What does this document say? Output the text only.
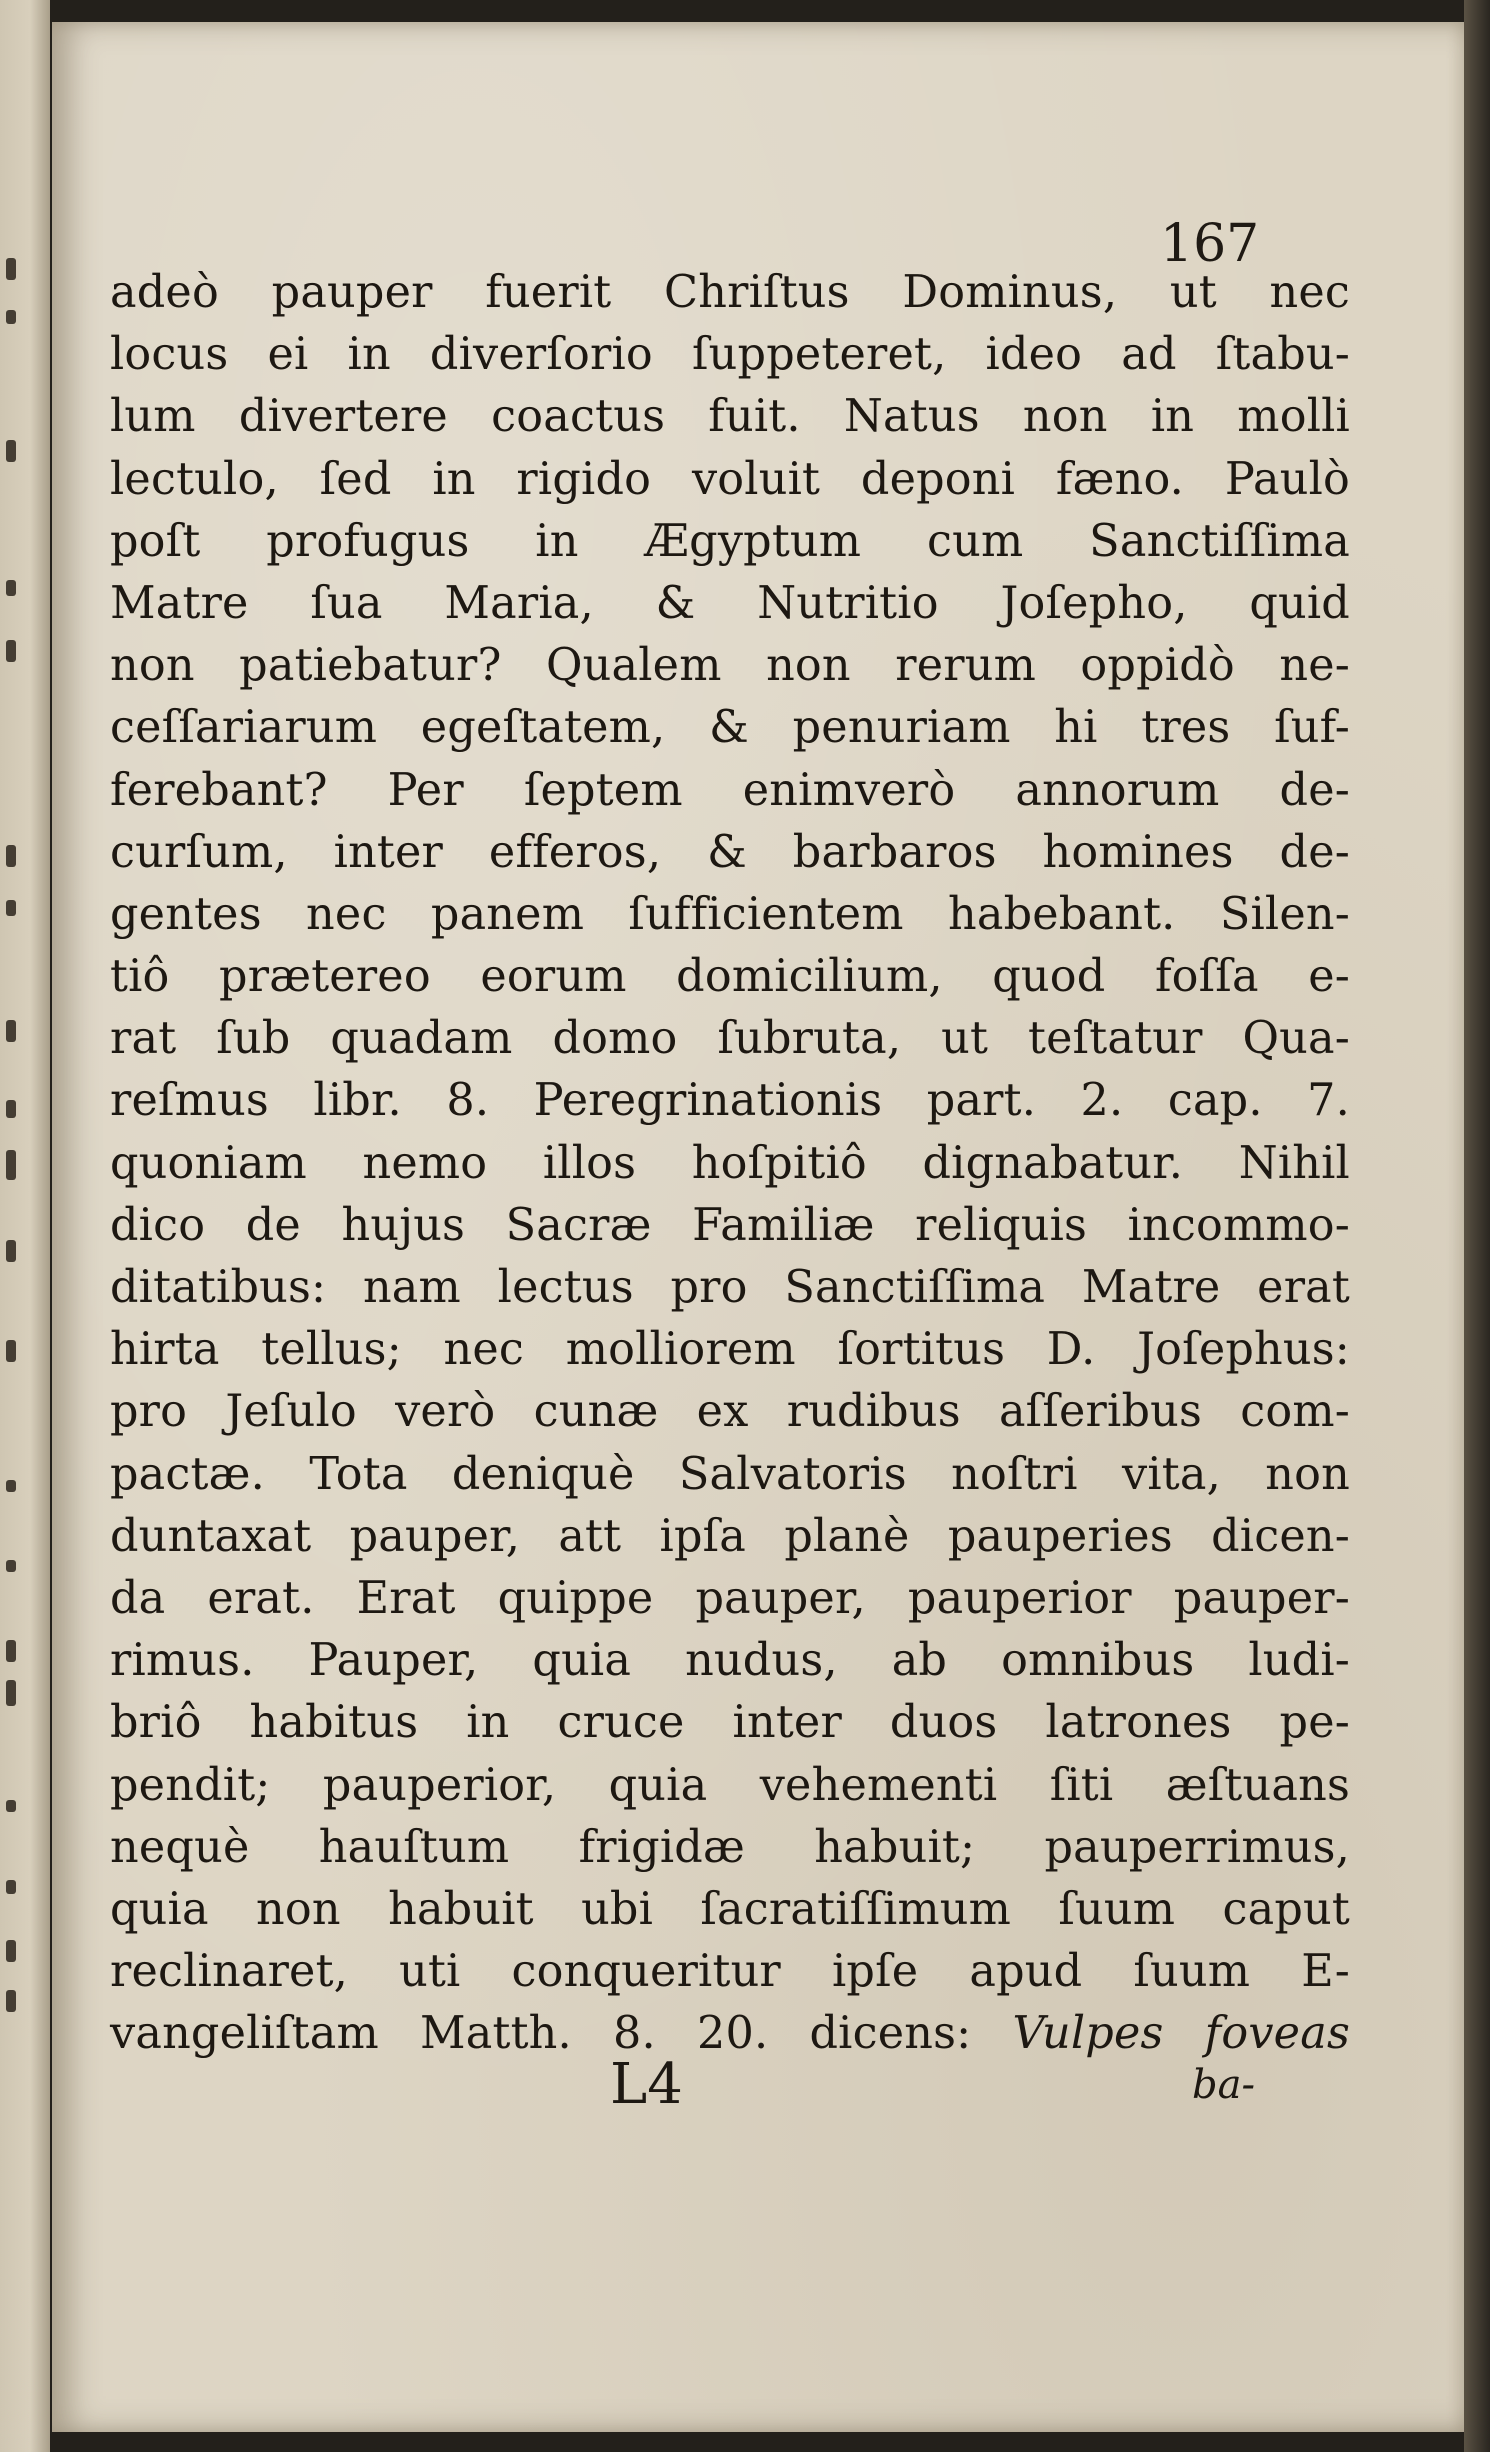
167
adeò pauper fuerit Chriſtus Dominus, ut nec
locus ei in diverſorio ſuppeteret, ideo ad ſtabu-
lum divertere coactus fuit. Natus non in molli
lectulo, ſed in rigido voluit deponi fæno. Paulò
poſt profugus in Ægyptum cum Sanctiſſima
Matre ſua Maria, & Nutritio Joſepho, quid
non patiebatur? Qualem non rerum oppidò ne-
ceſſariarum egeſtatem, & penuriam hi tres ſuf-
ferebant? Per ſeptem enimverò annorum de-
curſum, inter efferos, & barbaros homines de-
gentes nec panem ſufficientem habebant. Silen-
tiô prætereo eorum domicilium, quod foſſa e-
rat ſub quadam domo ſubruta, ut teſtatur Qua-
reſmus libr. 8. Peregrinationis part. 2. cap. 7.
quoniam nemo illos hoſpitiô dignabatur. Nihil
dico de hujus Sacræ Familiæ reliquis incommo-
ditatibus: nam lectus pro Sanctiſſima Matre erat
hirta tellus; nec molliorem ſortitus D. Joſephus:
pro Jeſulo verò cunæ ex rudibus aſſeribus com-
pactæ. Tota deniquè Salvatoris noſtri vita, non
duntaxat pauper, att ipſa planè pauperies dicen-
da erat. Erat quippe pauper, pauperior pauper-
rimus. Pauper, quia nudus, ab omnibus ludi-
briô habitus in cruce inter duos latrones pe-
pendit; pauperior, quia vehementi ſiti æſtuans
nequè hauſtum frigidæ habuit; pauperrimus,
quia non habuit ubi ſacratiſſimum ſuum caput
reclinaret, uti conqueritur ipſe apud ſuum E-
vangeliſtam Matth. 8. 20. dicens: Vulpes foveas
L4	ba-
